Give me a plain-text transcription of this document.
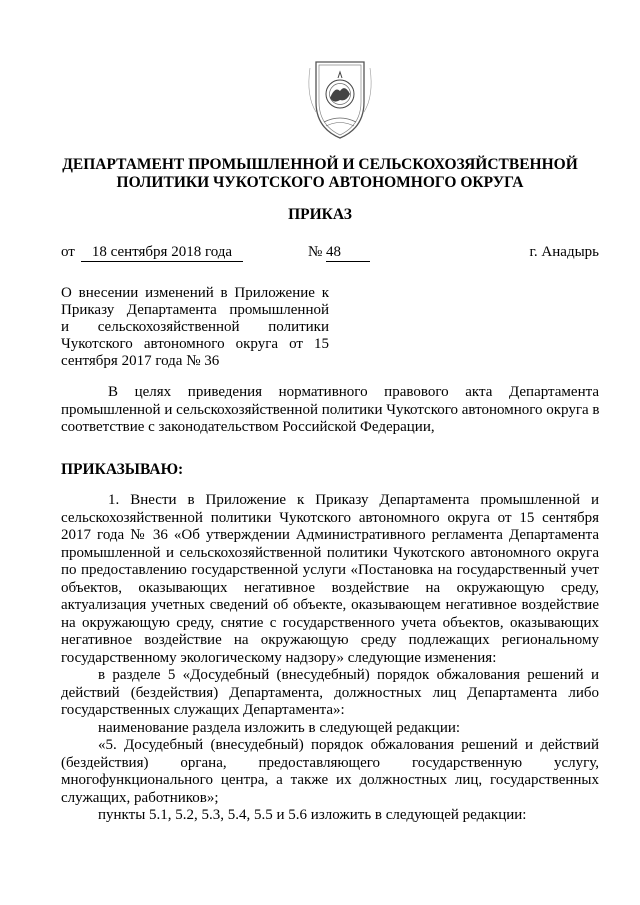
ДЕПАРТАМЕНТ ПРОМЫШЛЕННОЙ И СЕЛЬСКОХОЗЯЙСТВЕННОЙ
ПОЛИТИКИ ЧУКОТСКОГО АВТОНОМНОГО ОКРУГА
ПРИКАЗ
от	18 сентября 2018 года	№ 48	г. Анадырь
О внесении изменений в Приложение к
Приказу Департамента промышленной
и сельскохозяйственной политики
Чукотского автономного округа от 15
сентября 2017 года № 36
В целях приведения нормативного правового акта Департамента
промышленной и сельскохозяйственной политики Чукотского автономного округа в
соответствие с законодательством Российской Федерации,
ПРИКАЗЫВАЮ:
1. Внести в Приложение к Приказу Департамента промышленной и
сельскохозяйственной политики Чукотского автономного округа от 15 сентября
2017 года № 36 «Об утверждении Административного регламента Департамента
промышленной и сельскохозяйственной политики Чукотского автономного округа
по предоставлению государственной услуги «Постановка на государственный учет
объектов, оказывающих негативное воздействие на окружающую среду,
актуализация учетных сведений об объекте, оказывающем негативное воздействие
на окружающую среду, снятие с государственного учета объектов, оказывающих
негативное воздействие на окружающую среду подлежащих региональному
государственному экологическому надзору» следующие изменения:
в разделе 5 «Досудебный (внесудебный) порядок обжалования решений и
действий (бездействия) Департамента, должностных лиц Департамента либо
государственных служащих Департамента»:
наименование раздела изложить в следующей редакции:
«5. Досудебный (внесудебный) порядок обжалования решений и действий
(бездействия) органа, предоставляющего государственную услугу,
многофункционального центра, а также их должностных лиц, государственных
служащих, работников»;
пункты 5.1, 5.2, 5.3, 5.4, 5.5 и 5.6 изложить в следующей редакции:
